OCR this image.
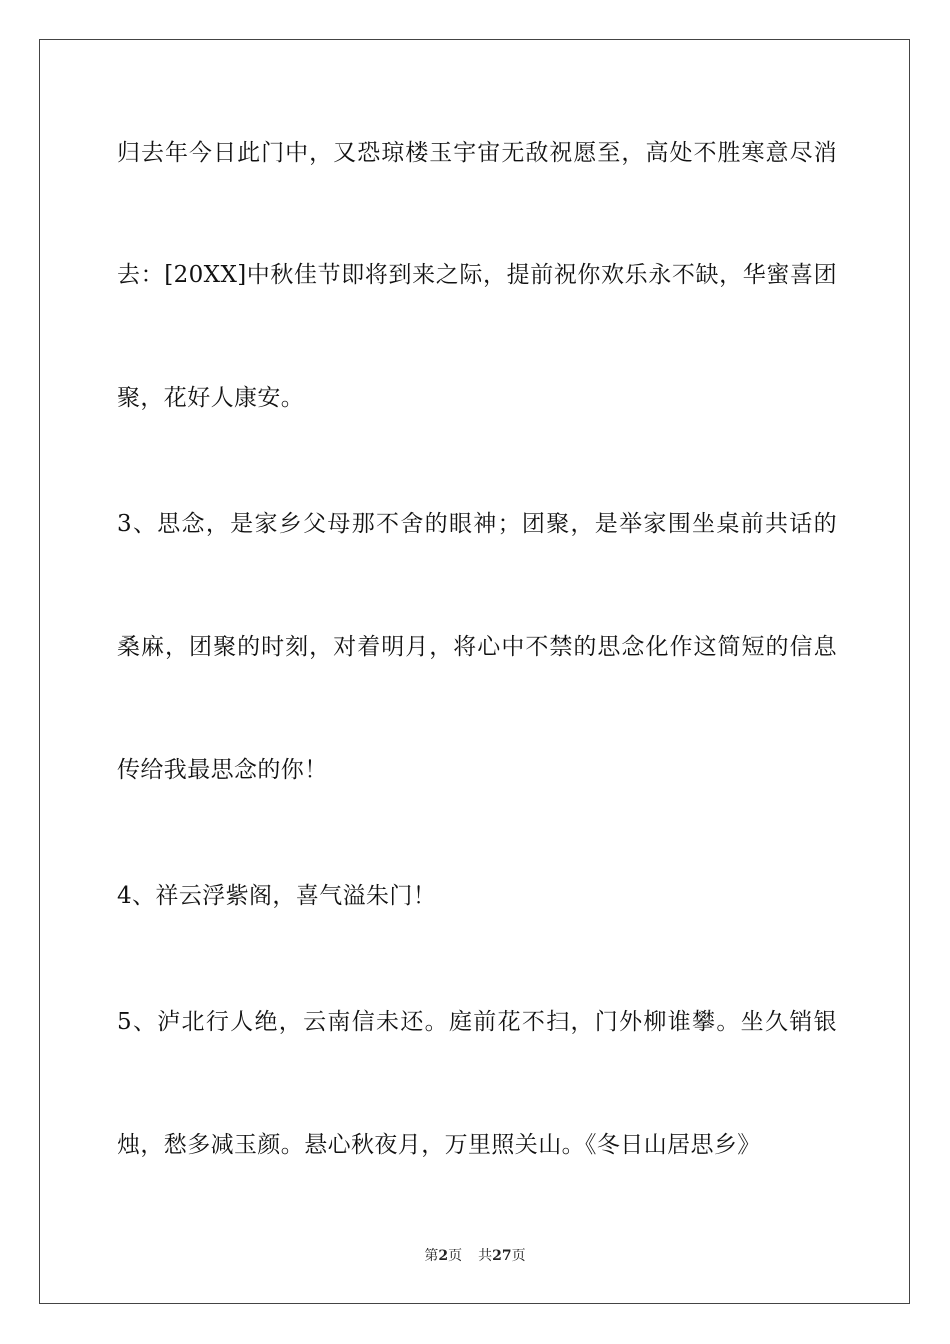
归去年今日此门中，又恐琼楼玉宇宙无敌祝愿至，高处不胜寒意尽消
去：[20XX]中秋佳节即将到来之际，提前祝你欢乐永不缺，华蜜喜团
聚，花好人康安。
3、思念，是家乡父母那不舍的眼神；团聚，是举家围坐桌前共话的
桑麻，团聚的时刻，对着明月，将心中不禁的思念化作这简短的信息
传给我最思念的你！
4、祥云浮紫阁，喜气溢朱门！
5、泸北行人绝，云南信未还。庭前花不扫，门外柳谁攀。坐久销银
烛，愁多减玉颜。悬心秋夜月，万里照关山。《冬日山居思乡》
第2页 共27页
